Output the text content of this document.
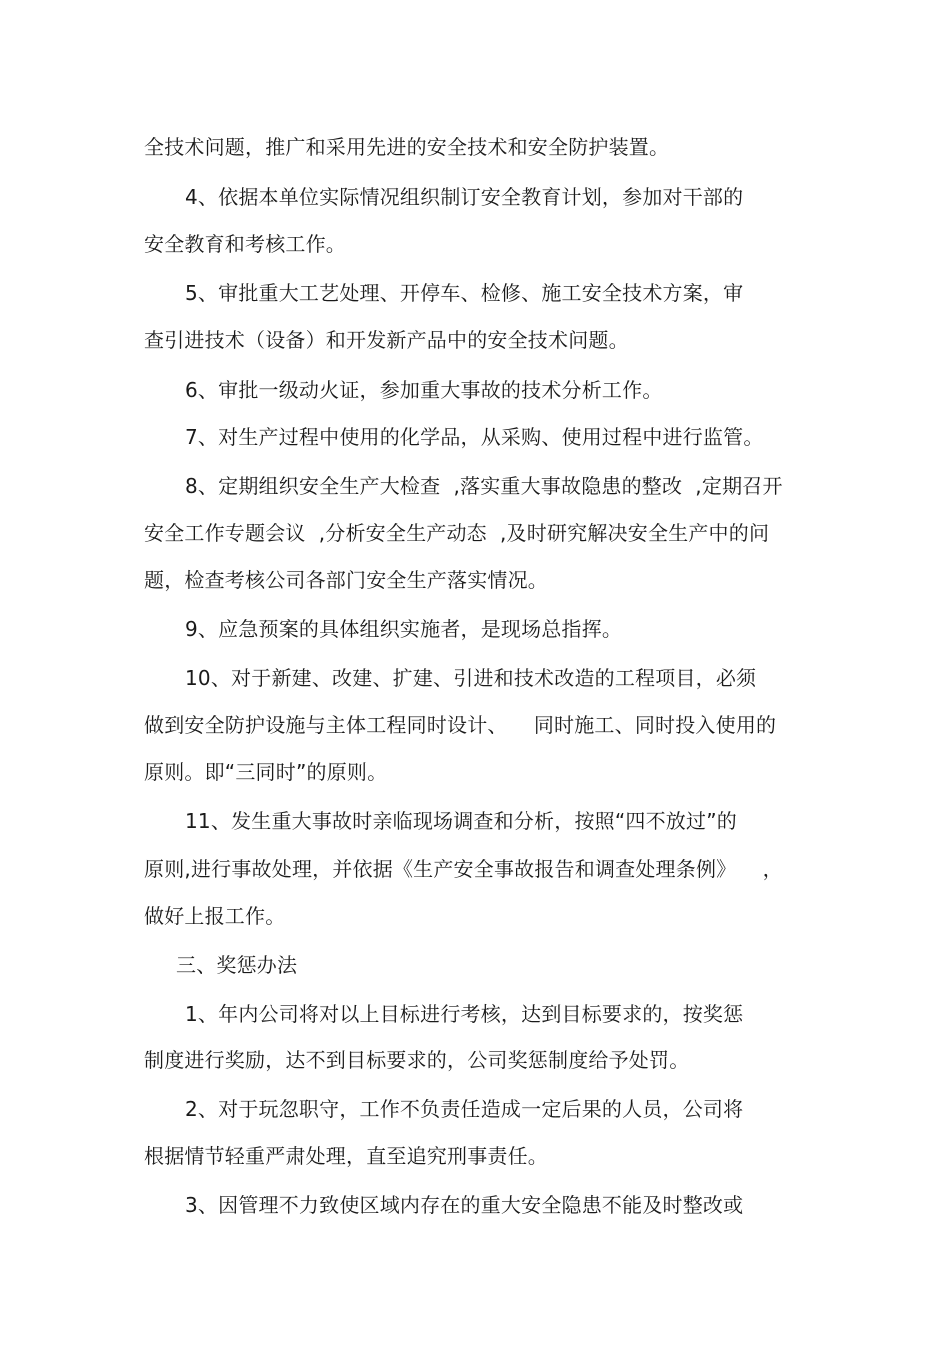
全技术问题，推广和采用先进的安全技术和安全防护装置。
4、依据本单位实际情况组织制订安全教育计划，参加对干部的
安全教育和考核工作。
5、审批重大工艺处理、开停车、检修、施工安全技术方案，审
查引进技术（设备）和开发新产品中的安全技术问题。
6、审批一级动火证，参加重大事故的技术分析工作。
7、对生产过程中使用的化学品，从采购、使用过程中进行监管。
8、定期组织安全生产大检查  ,落实重大事故隐患的整改  ,定期召开
安全工作专题会议  ,分析安全生产动态  ,及时研究解决安全生产中的问
题，检查考核公司各部门安全生产落实情况。
9、应急预案的具体组织实施者，是现场总指挥。
10、对于新建、改建、扩建、引进和技术改造的工程项目，必须
做到安全防护设施与主体工程同时设计、    同时施工、同时投入使用的
原则。即“三同时”的原则。
11、发生重大事故时亲临现场调查和分析，按照“四不放过”的
原则,进行事故处理，并依据《生产安全事故报告和调查处理条例》    ，
做好上报工作。
三、奖惩办法
1、年内公司将对以上目标进行考核，达到目标要求的，按奖惩
制度进行奖励，达不到目标要求的，公司奖惩制度给予处罚。
2、对于玩忽职守，工作不负责任造成一定后果的人员，公司将
根据情节轻重严肃处理，直至追究刑事责任。
3、因管理不力致使区域内存在的重大安全隐患不能及时整改或
